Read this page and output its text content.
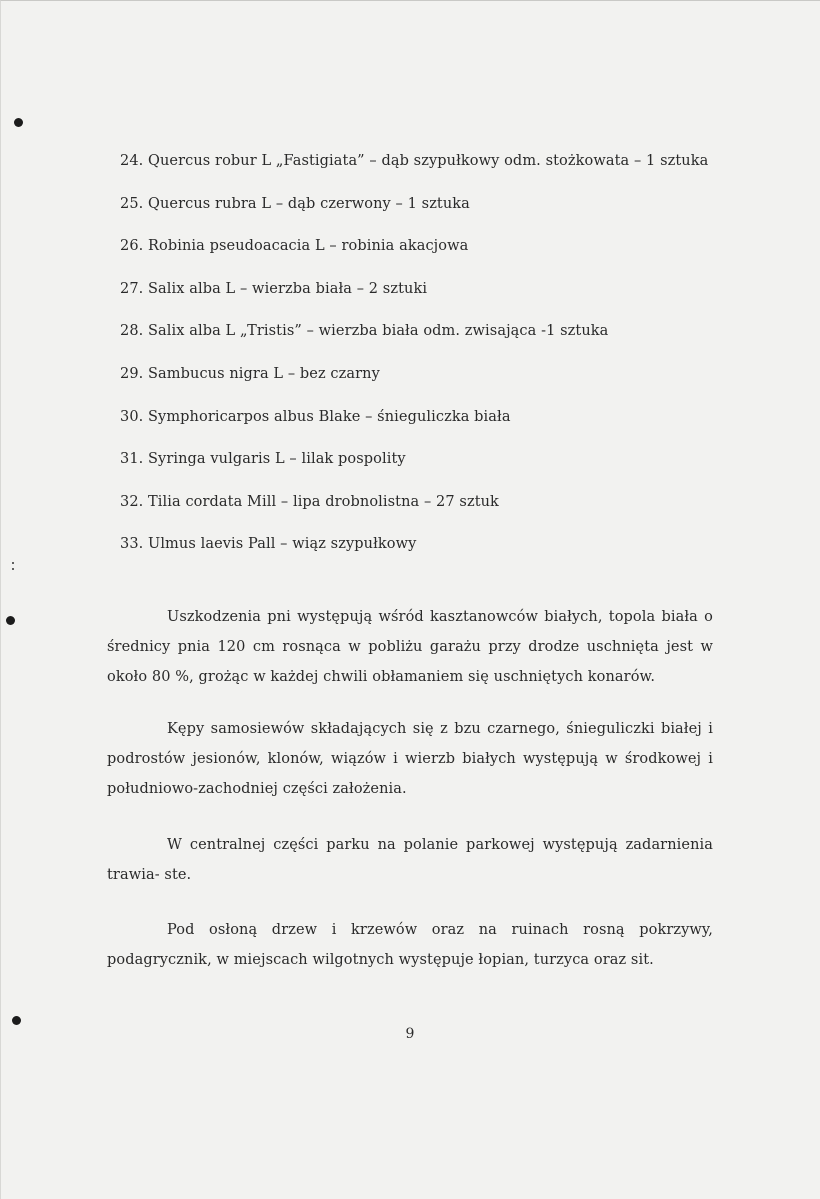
24. Quercus robur L „Fastigiata” – dąb szypułkowy odm. stożkowata – 1 sztuka
25. Quercus rubra L – dąb czerwony – 1 sztuka
26. Robinia pseudoacacia L – robinia akacjowa
27. Salix alba L – wierzba biała – 2 sztuki
28. Salix alba L „Tristis” – wierzba biała odm. zwisająca -1 sztuka
29. Sambucus nigra L – bez czarny
30. Symphoricarpos albus Blake – śnieguliczka biała
31. Syringa vulgaris L – lilak pospolity
32. Tilia cordata Mill – lipa drobnolistna – 27 sztuk
33. Ulmus laevis Pall – wiąz szypułkowy

Uszkodzenia pni występują wśród kasztanowców białych, topola biała o średnicy pnia 120 cm rosnąca w pobliżu garażu przy drodze uschnięta jest w około 80 %, grożąc w każdej chwili obłamaniem się uschniętych konarów.

Kępy samosiewów składających się z bzu czarnego, śnieguliczki białej i podrostów jesionów, klonów, wiązów i wierzb białych występują w środkowej i południowo-zachodniej części założenia.

W centralnej części parku na polanie parkowej występują zadarnienia trawia- ste.

Pod osłoną drzew i krzewów oraz na ruinach rosną pokrzywy, podagrycznik, w miejscach wilgotnych występuje łopian, turzyca oraz sit.

9
